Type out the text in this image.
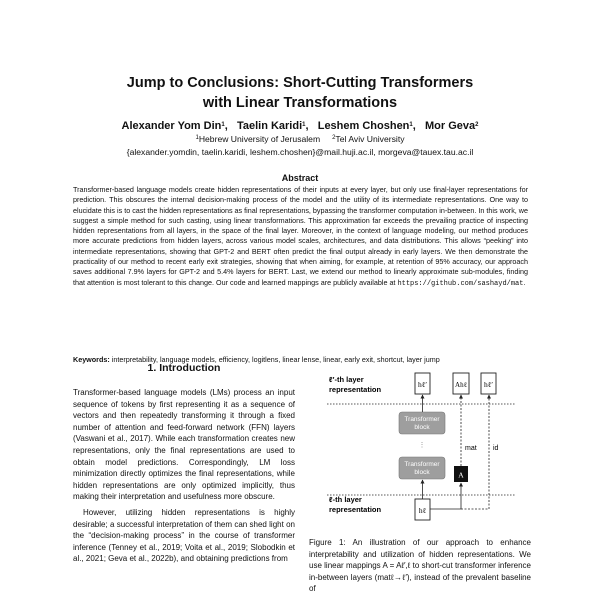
Jump to Conclusions: Short-Cutting Transformers
with Linear Transformations
Alexander Yom Din$^1$,   Taelin Karidi$^1$,   Leshem Choshen$^1$,   Mor Geva$^2$
$^1$Hebrew University of Jerusalem $^2$Tel Aviv University
{alexander.yomdin, taelin.karidi, leshem.choshen}@mail.huji.ac.il, morgeva@tauex.tau.ac.il
Abstract
Transformer-based language models create hidden representations of their inputs at every layer, but only use final-layer representations for prediction. This obscures the internal decision-making process of the model and the utility of its intermediate representations. One way to elucidate this is to cast the hidden representations as final representations, bypassing the transformer computation in-between. In this work, we suggest a simple method for such casting, using linear transformations. This approximation far exceeds the prevailing practice of inspecting hidden representations from all layers, in the space of the final layer. Moreover, in the context of language modeling, our method produces more accurate predictions from hidden layers, across various model scales, architectures, and data distributions. This allows “peeking” into intermediate representations, showing that GPT-2 and BERT often predict the final output already in early layers. We then demonstrate the practicality of our method to recent early exit strategies, showing that when aiming, for example, at retention of 95% accuracy, our approach saves additional 7.9% layers for GPT-2 and 5.4% layers for BERT. Last, we extend our method to linearly approximate sub-modules, finding that attention is most tolerant to this change. Our code and learned mappings are publicly available at https://github.com/sashayd/mat.
Keywords: interpretability, language models, efficiency, logitlens, linear lense, linear, early exit, shortcut, layer jump
1. Introduction

Transformer-based language models (LMs) process an input sequence of tokens by first representing it as a sequence of vectors and then repeatedly transforming it through a fixed number of attention and feed-forward network (FFN) layers (Vaswani et al., 2017). While each transformation creates new representations, only the final representations are used to obtain model predictions. Correspondingly, LM loss minimization directly optimizes the final representations, while hidden representations are only optimized implicitly, thus making their interpretation and usefulness more obscure.

However, utilizing hidden representations is highly desirable; a successful interpretation of them can shed light on the “decision-making process” in the course of transformer inference (Tenney et al., 2019; Voita et al., 2019; Slobodkin et al., 2021; Geva et al., 2022b), and obtaining predictions from

ℓ′-th layer
representation
ℓ-th layer
representation
hℓ′	Ahℓ hℓ′
Transformer
block
⋮
Transformer
block
hℓ
A
mat id
Figure 1: An illustration of our approach to enhance interpretability and utilization of hidden representations. We use linear mappings A = Aℓ′,ℓ to short-cut transformer inference in-between layers (matℓ→ℓ′), instead of the prevalent baseline of
